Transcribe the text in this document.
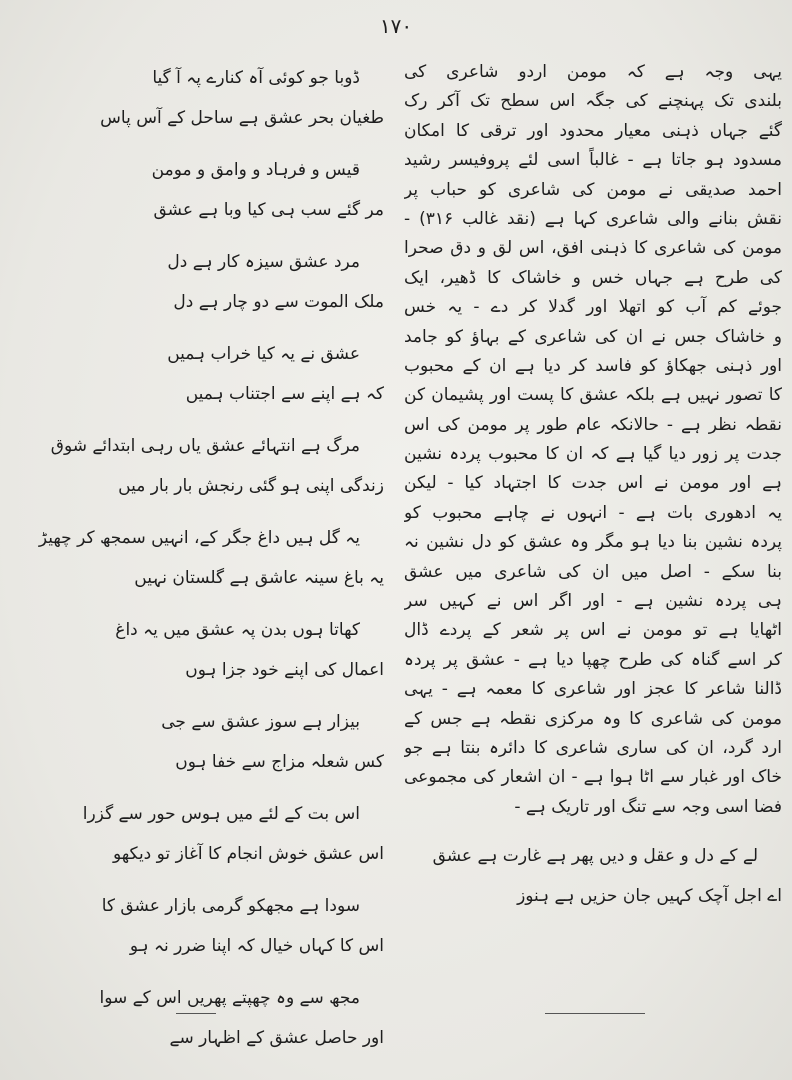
۱۷۰
یہی وجہ ہے کہ مومن اردو شاعری کی
بلندی تک پہنچنے کی جگہ اس سطح تک آکر رک
گئے جہاں ذہنی معیار محدود اور ترقی کا امکان
مسدود ہو جاتا ہے - غالباً اسی لئے پروفیسر رشید
احمد صدیقی نے مومن کی شاعری کو حباب پر
نقش بنانے والی شاعری کہا ہے (نقد غالب ۳۱۶) -
مومن کی شاعری کا ذہنی افق، اس لق و دق صحرا
کی طرح ہے جہاں خس و خاشاک کا ڈھیر، ایک
جوئے کم آب کو اتھلا اور گدلا کر دے - یہ خس
و خاشاک جس نے ان کی شاعری کے بہاؤ کو جامد
اور ذہنی جھکاؤ کو فاسد کر دیا ہے ان کے محبوب
کا تصور نہیں ہے بلکہ عشق کا پست اور پشیمان کن
نقطہ نظر ہے - حالانکہ عام طور پر مومن کی اس
جدت پر زور دیا گیا ہے کہ ان کا محبوب پردہ نشین
ہے اور مومن نے اس جدت کا اجتہاد کیا - لیکن
یہ ادھوری بات ہے - انہوں نے چاہے محبوب کو
پردہ نشین بنا دیا ہو مگر وہ عشق کو دل نشین نہ
بنا سکے - اصل میں ان کی شاعری میں عشق
ہی پردہ نشین ہے - اور اگر اس نے کہیں سر
اٹھایا ہے تو مومن نے اس پر شعر کے پردے ڈال
کر اسے گناہ کی طرح چھپا دیا ہے - عشق پر پردہ
ڈالنا شاعر کا عجز اور شاعری کا معمہ ہے - یہی
مومن کی شاعری کا وہ مرکزی نقطہ ہے جس کے
ارد گرد، ان کی ساری شاعری کا دائرہ بنتا ہے جو
خاک اور غبار سے اٹا ہوا ہے - ان اشعار کی مجموعی
فضا اسی وجہ سے تنگ اور تاریک ہے -
لے کے دل و عقل و دیں پھر ہے غارت ہے عشق
اے اجل آچک کہیں جان حزیں ہے ہنوز
ڈوبا جو کوئی آہ کنارے پہ آ گیا
طغیان بحر عشق ہے ساحل کے آس پاس
قیس و فرہاد و وامق و مومن
مر گئے سب ہی کیا وبا ہے عشق
مرد عشق سیزہ کار ہے دل
ملک الموت سے دو چار ہے دل
عشق نے یہ کیا خراب ہمیں
کہ ہے اپنے سے اجتناب ہمیں
مرگ ہے انتہائے عشق یاں رہی ابتدائے شوق
زندگی اپنی ہو گئی رنجش بار بار میں
یہ گل ہیں داغ جگر کے، انہیں سمجھ کر چھیڑ
یہ باغ سینہ عاشق ہے گلستان نہیں
کھاتا ہوں بدن پہ عشق میں یہ داغ
اعمال کی اپنے خود جزا ہوں
بیزار ہے سوز عشق سے جی
کس شعلہ مزاج سے خفا ہوں
اس بت کے لئے میں ہوس حور سے گزرا
اس عشق خوش انجام کا آغاز تو دیکھو
سودا ہے مجھکو گرمی بازار عشق کا
اس کا کہاں خیال کہ اپنا ضرر نہ ہو
مجھ سے وہ چھپتے پھریں اس کے سوا
اور حاصل عشق کے اظہار سے
